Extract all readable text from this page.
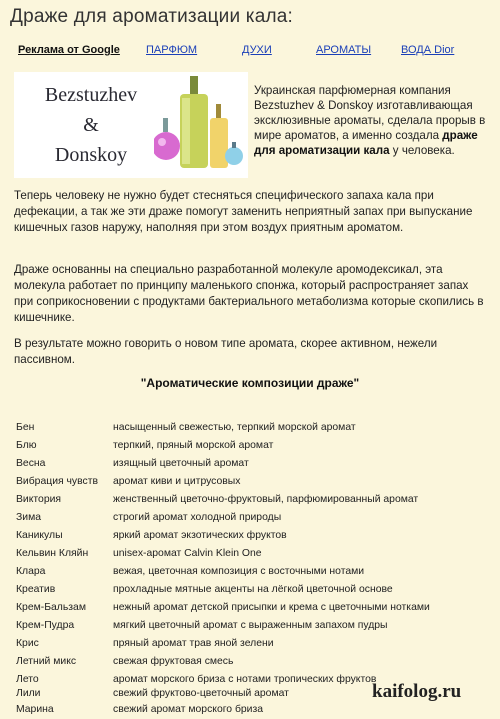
Драже для ароматизации кала:
Реклама от Google ПАРФЮМ	ДУХИ	АРОМАТЫ	ВОДА Dior
Bezstuzhev
&
Donskoy
Украинская парфюмерная компания Bezstuzhev & Donskoy изготавливающая эксклюзивные ароматы, сделала прорыв в мире ароматов, а именно создала драже для ароматизации кала у человека.
Теперь человеку не нужно будет стесняться специфического запаха кала при дефекации, а так же эти драже помогут заменить неприятный запах при выпускание кишечных газов наружу, наполняя при этом воздух приятным ароматом.
Драже основанны на специально разработанной молекуле аромодексикал, эта молекула работает по принципу маленького спонжа, который распространяет запах при соприкосновении с продуктами бактериального метаболизма которые скопились в кишечнике.
В результате можно говорить о новом типе аромата, скорее активном, нежели пассивном.
"Ароматические композиции драже"
Бен	насыщенный свежестью, терпкий морской аромат
Блю	терпкий, пряный морской аромат
Весна	изящный цветочный аромат
Вибрация чувств	аромат киви и цитрусовых
Виктория	женственный цветочно-фруктовый, парфюмированный аромат
Зима	строгий аромат холодной природы
Каникулы	яркий аромат экзотических фруктов
Кельвин Кляйн	unisex-аромат Calvin Klein One
Клара	вежая, цветочная композиция с восточными нотами
Креатив	прохладные мятные акценты на лёгкой цветочной основе
Крем-Бальзам	нежный аромат детской присыпки и крема с цветочными нотками
Крем-Пудра	мягкий цветочный аромат с выраженным запахом пудры
Крис	пряный аромат трав яной зелени
Летний микс	свежая фруктовая смесь
Лето	аромат морского бриза с нотами тропических фруктов
Лили	свежий фруктово-цветочный аромат
Марина	свежий аромат морского бриза
kaifolog.ru
